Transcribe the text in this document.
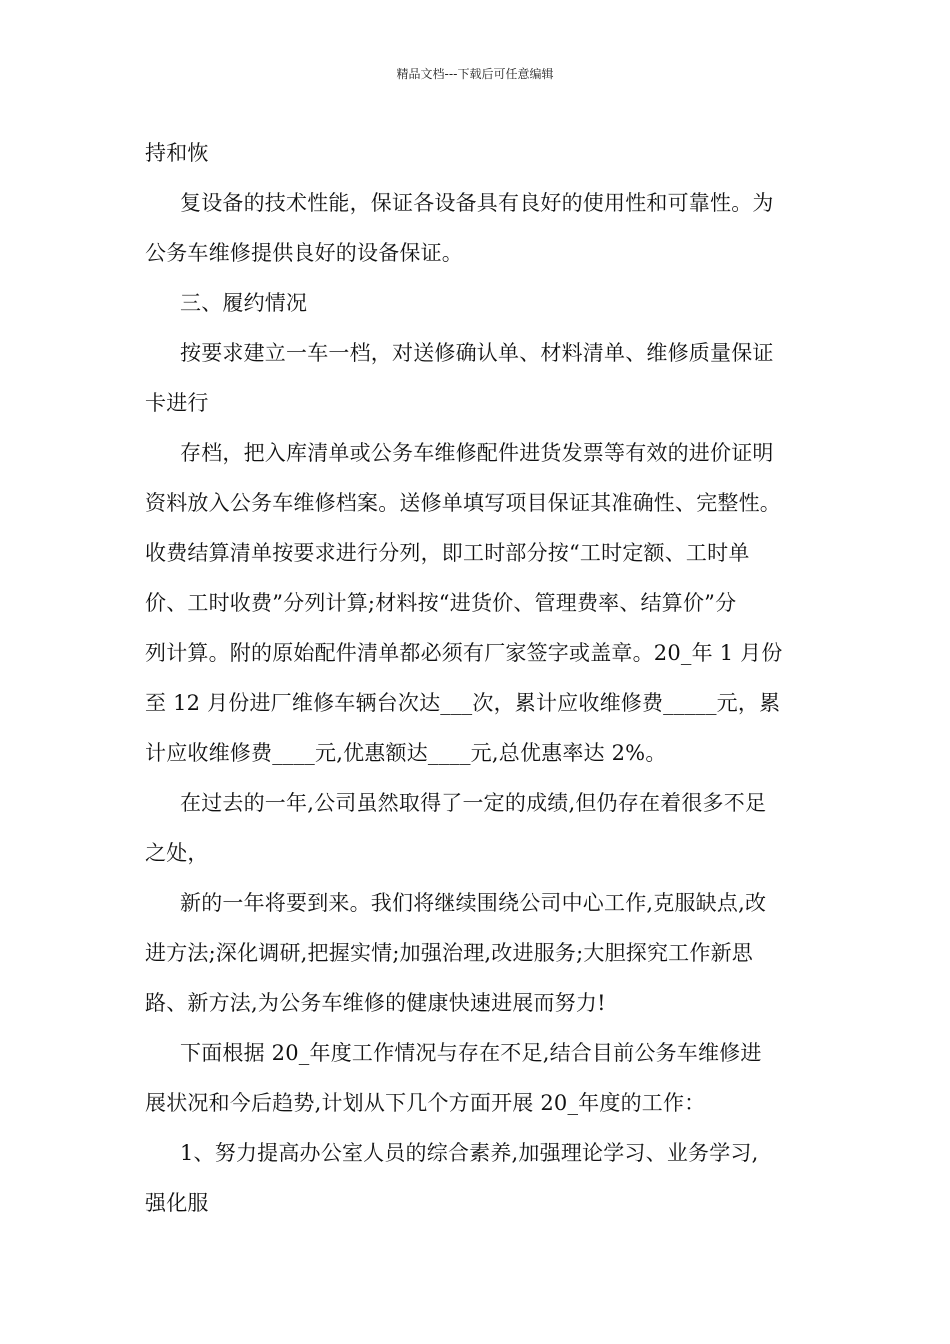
精品文档---下载后可任意编辑
持和恢
复设备的技术性能，保证各设备具有良好的使用性和可靠性。为
公务车维修提供良好的设备保证。
三、履约情况
按要求建立一车一档，对送修确认单、材料清单、维修质量保证
卡进行
存档，把入库清单或公务车维修配件进货发票等有效的进价证明
资料放入公务车维修档案。送修单填写项目保证其准确性、完整性。
收费结算清单按要求进行分列，即工时部分按“工时定额、工时单
价、工时收费”分列计算;材料按“进货价、管理费率、结算价”分
列计算。附的原始配件清单都必须有厂家签字或盖章。20_年 1 月份
至 12 月份进厂维修车辆台次达___次，累计应收维修费_____元，累
计应收维修费____元,优惠额达____元,总优惠率达 2%。
在过去的一年,公司虽然取得了一定的成绩,但仍存在着很多不足
之处，
新的一年将要到来。我们将继续围绕公司中心工作,克服缺点,改
进方法;深化调研,把握实情;加强治理,改进服务;大胆探究工作新思
路、新方法,为公务车维修的健康快速进展而努力!
下面根据 20_年度工作情况与存在不足,结合目前公务车维修进
展状况和今后趋势,计划从下几个方面开展 20_年度的工作：
1、努力提高办公室人员的综合素养,加强理论学习、业务学习,
强化服
